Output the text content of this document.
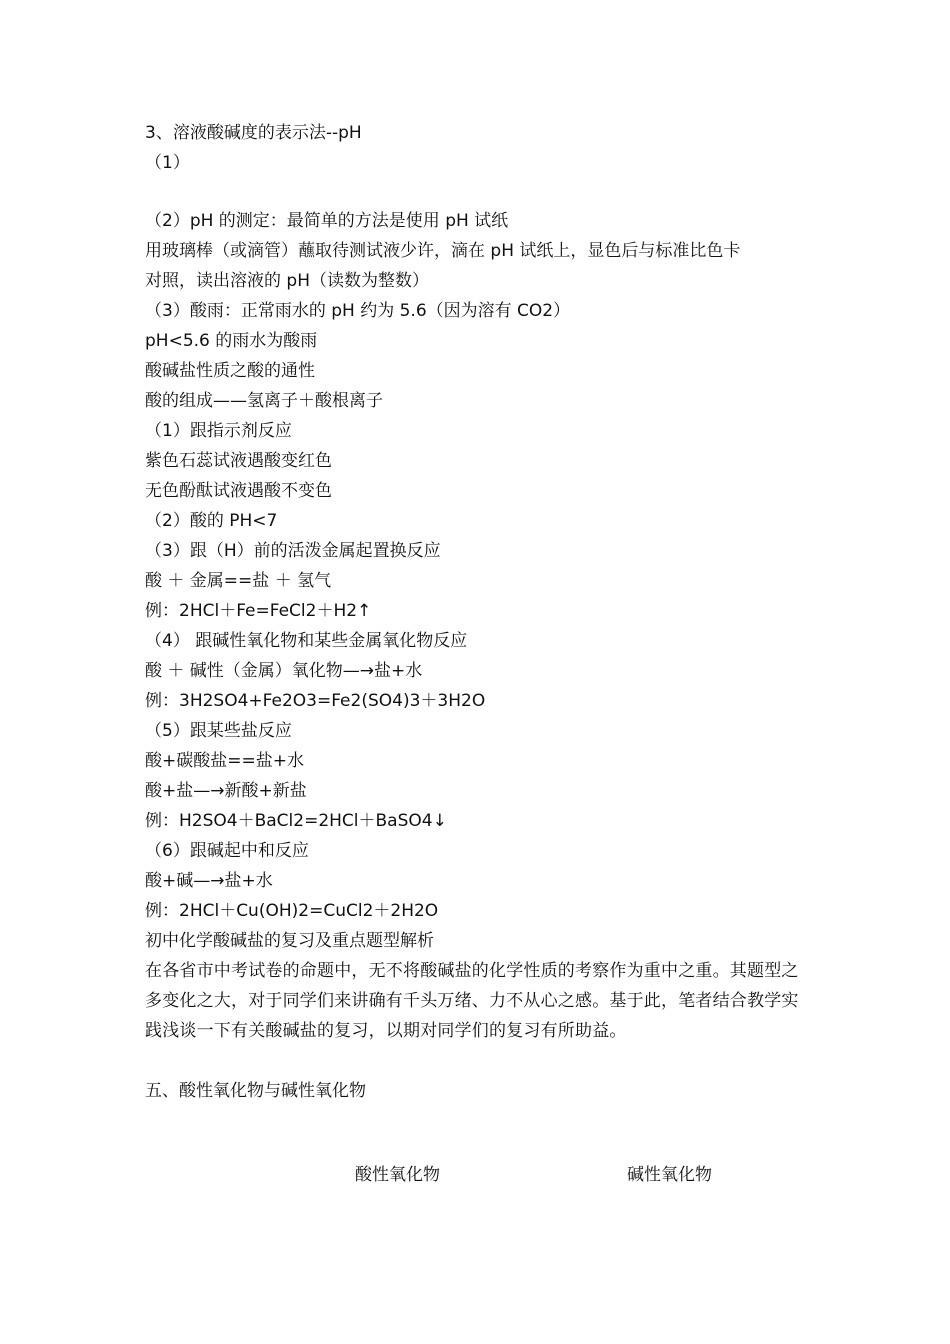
3、溶液酸碱度的表示法--pH
（1）
（2）pH 的测定：最简单的方法是使用 pH 试纸
用玻璃棒（或滴管）蘸取待测试液少许，滴在 pH 试纸上，显色后与标准比色卡
对照，读出溶液的 pH（读数为整数）
（3）酸雨：正常雨水的 pH 约为 5.6（因为溶有 CO2）
pH<5.6 的雨水为酸雨
酸碱盐性质之酸的通性
酸的组成——氢离子＋酸根离子
（1）跟指示剂反应
紫色石蕊试液遇酸变红色
无色酚酞试液遇酸不变色
（2）酸的 PH<7
（3）跟（H）前的活泼金属起置换反应
酸 ＋ 金属==盐 ＋ 氢气
例：2HCl＋Fe=FeCl2＋H2↑
（4） 跟碱性氧化物和某些金属氧化物反应
酸 ＋ 碱性（金属）氧化物—→盐+水
例：3H2SO4+Fe2O3=Fe2(SO4)3＋3H2O
（5）跟某些盐反应
酸+碳酸盐==盐+水
酸+盐—→新酸+新盐
例：H2SO4＋BaCl2=2HCl＋BaSO4↓
（6）跟碱起中和反应
酸+碱—→盐+水
例：2HCl＋Cu(OH)2=CuCl2＋2H2O
初中化学酸碱盐的复习及重点题型解析
在各省市中考试卷的命题中，无不将酸碱盐的化学性质的考察作为重中之重。其题型之多变化之大，对于同学们来讲确有千头万绪、力不从心之感。基于此，笔者结合教学实践浅谈一下有关酸碱盐的复习，以期对同学们的复习有所助益。
五、酸性氧化物与碱性氧化物
酸性氧化物	碱性氧化物
